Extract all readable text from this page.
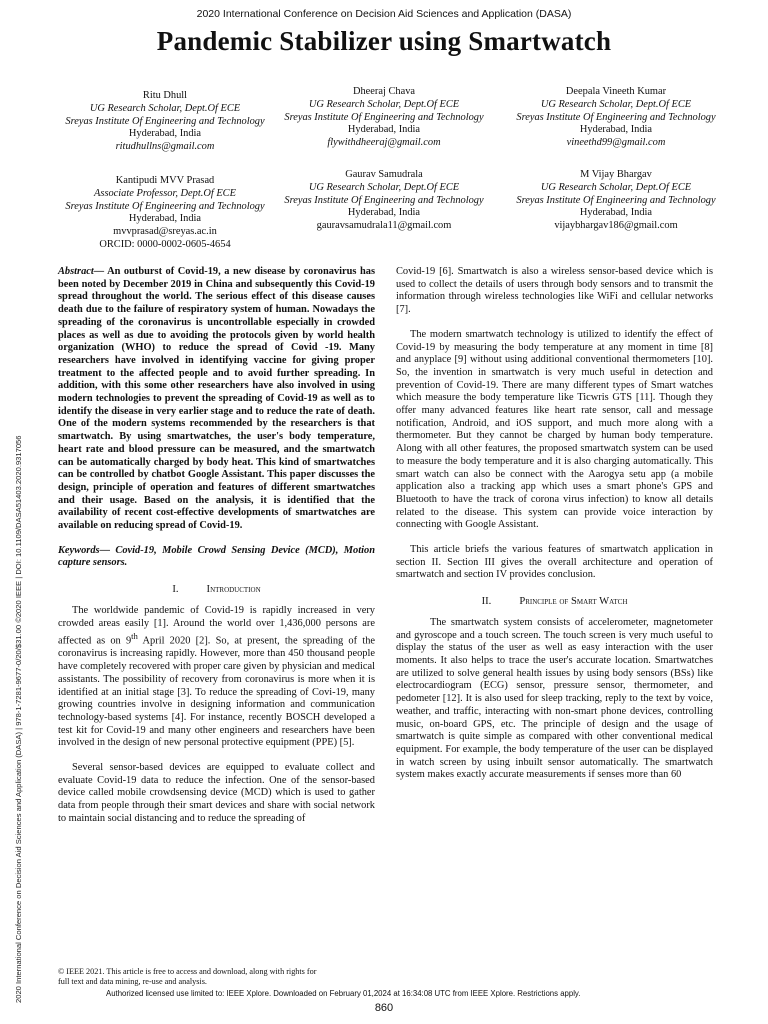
2020 International Conference on Decision Aid Sciences and Application (DASA)
Pandemic Stabilizer using Smartwatch
Ritu Dhull
UG Research Scholar, Dept.Of ECE
Sreyas Institute Of Engineering and Technology
Hyderabad, India
ritudhullns@gmail.com
Dheeraj Chava
UG Research Scholar, Dept.Of ECE
Sreyas Institute Of Engineering and Technology
Hyderabad, India
flywithdheeraj@gmail.com
Deepala Vineeth Kumar
UG Research Scholar, Dept.Of ECE
Sreyas Institute Of Engineering and Technology
Hyderabad, India
vineethd99@gmail.com
Kantipudi MVV Prasad
Associate Professor, Dept.Of ECE
Sreyas Institute Of Engineering and Technology
Hyderabad, India
mvvprasad@sreyas.ac.in
ORCID: 0000-0002-0605-4654
Gaurav Samudrala
UG Research Scholar, Dept.Of ECE
Sreyas Institute Of Engineering and Technology
Hyderabad, India
gauravsamudrala11@gmail.com
M Vijay Bhargav
UG Research Scholar, Dept.Of ECE
Sreyas Institute Of Engineering and Technology
Hyderabad, India
vijaybhargav186@gmail.com
2020 International Conference on Decision Aid Sciences and Application (DASA) | 978-1-7281-9677-0/20/$31.00 ©2020 IEEE | DOI: 10.1109/DASA51403.2020.9317056

Abstract— An outburst of Covid-19, a new disease by coronavirus has been noted by December 2019 in China and subsequently this Covid-19 spread throughout the world. The serious effect of this disease causes death due to the failure of respiratory system of human. Nowadays the spreading of the coronavirus is uncontrollable especially in crowded places as well as due to avoiding the protocols given by world health organization (WHO) to reduce the spread of Covid -19. Many researchers have involved in identifying vaccine for giving proper treatment to the affected people and to avoid further spreading. In addition, with this some other researchers have also involved in using modern technologies to prevent the spreading of Covid-19 as well as to identify the disease in very earlier stage and to reduce the rate of death. One of the modern systems recommended by the researchers is that smartwatch. By using smartwatches, the user's body temperature, heart rate and blood pressure can be measured, and the smartwatch can be automatically charged by body heat. This kind of smartwatches can be controlled by chatbot Google Assistant. This paper discusses the design, principle of operation and features of different smartwatches and their usage. Based on the analysis, it is identified that the availability of recent cost-effective developments of smartwatches are available on reducing spread of Covid-19.

Keywords— Covid-19, Mobile Crowd Sensing Device (MCD), Motion capture sensors.

I.	Introduction

The worldwide pandemic of Covid-19 is rapidly increased in very crowded areas easily [1]. Around the world over 1,436,000 persons are affected as on 9th April 2020 [2]. So, at present, the spreading of the coronavirus is increasing rapidly. However, more than 450 thousand people have completely recovered with proper care given by physician and medical assistants. The possibility of recovery from coronavirus is more when it is identified at an initial stage [3]. To reduce the spreading of Covi-19, many growing countries involve in designing information and communication technology-based systems [4]. For instance, recently BOSCH developed a test kit for Covid-19 and many other engineers and researchers have been involved in the design of new personal protective equipment (PPE) [5].

Several sensor-based devices are equipped to evaluate collect and evaluate Covid-19 data to reduce the infection. One of the sensor-based device called mobile crowdsensing device (MCD) which is used to gather data from people through their smart devices and share with social network to maintain social distancing and to reduce the spreading of

Covid-19 [6]. Smartwatch is also a wireless sensor-based device which is used to collect the details of users through body sensors and to transmit the information through wireless technologies like WiFi and cellular networks [7].

The modern smartwatch technology is utilized to identify the effect of Covid-19 by measuring the body temperature at any moment in time [8] and anyplace [9] without using additional conventional thermometers [10]. So, the invention in smartwatch is very much useful in detection and prevention of Covid-19. There are many different types of Smart watches which measure the body temperature like Ticwris GTS [11]. Though they offer many advanced features like heart rate sensor, call and message notification, Android, and iOS support, and much more along with a thermometer. But they cannot be charged by human body temperature. Along with all other features, the proposed smartwatch system can be used to measure the body temperature and it is also charging automatically. This smart watch can also be connect with the Aarogya setu app (a mobile application also a tracking app which uses a smart phone's GPS and Bluetooth to have the track of corona virus infection) to know all details related to the disease. This system can provide voice interaction by connecting with Google Assistant.

This article briefs the various features of smartwatch application in section II. Section III gives the overall architecture and operation of smartwatch and section IV provides conclusion.

II.	Principle of Smart Watch

The smartwatch system consists of accelerometer, magnetometer and gyroscope and a touch screen. The touch screen is very much useful to display the status of the user as well as easy interaction with the user moments. It also helps to trace the user's accurate location. Smartwatches are utilized to solve general health issues by using body sensors (BSs) like electrocardiogram (ECG) sensor, pressure sensor, thermometer, and pedometer [12]. It is also used for sleep tracking, reply to the text by voice, weather, and traffic, interacting with non-smart phone devices, controlling music, on-board GPS, etc. The principle of design and the usage of smartwatch is quite simple as compared with other conventional medical equipment. For example, the body temperature of the user can be displayed in watch screen by using inbuilt sensor automatically. The smartwatch system makes exactly accurate measurements if senses more than 60

© IEEE 2021. This article is free to access and download, along with rights for full text and data mining, re-use and analysis.
Authorized licensed use limited to: IEEE Xplore. Downloaded on February 01,2024 at 16:34:08 UTC from IEEE Xplore. Restrictions apply.
860
